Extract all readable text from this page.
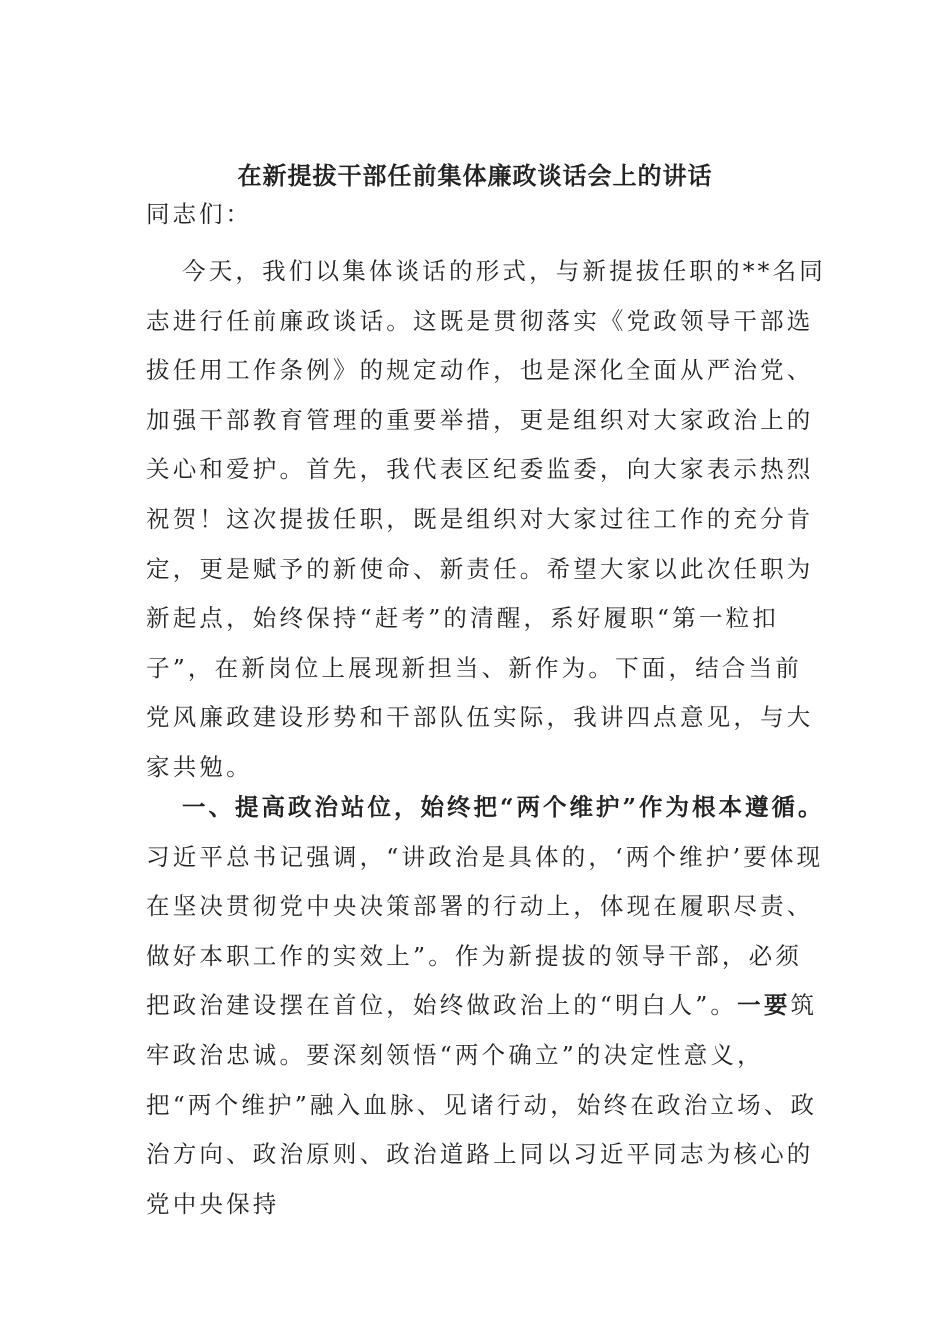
在新提拔干部任前集体廉政谈话会上的讲话
同志们：
今天，我们以集体谈话的形式，与新提拔任职的**名同志进行任前廉政谈话。这既是贯彻落实《党政领导干部选拔任用工作条例》的规定动作，也是深化全面从严治党、加强干部教育管理的重要举措，更是组织对大家政治上的关心和爱护。首先，我代表区纪委监委，向大家表示热烈祝贺！这次提拔任职，既是组织对大家过往工作的充分肯定，更是赋予的新使命、新责任。希望大家以此次任职为新起点，始终保持“赶考”的清醒，系好履职“第一粒扣子”，在新岗位上展现新担当、新作为。下面，结合当前党风廉政建设形势和干部队伍实际，我讲四点意见，与大家共勉。
一、提高政治站位，始终把“两个维护”作为根本遵循。习近平总书记强调，“讲政治是具体的，‘两个维护’要体现在坚决贯彻党中央决策部署的行动上，体现在履职尽责、做好本职工作的实效上”。作为新提拔的领导干部，必须把政治建设摆在首位，始终做政治上的“明白人”。一要筑牢政治忠诚。要深刻领悟“两个确立”的决定性意义，把“两个维护”融入血脉、见诸行动，始终在政治立场、政治方向、政治原则、政治道路上同以习近平同志为核心的党中央保持
